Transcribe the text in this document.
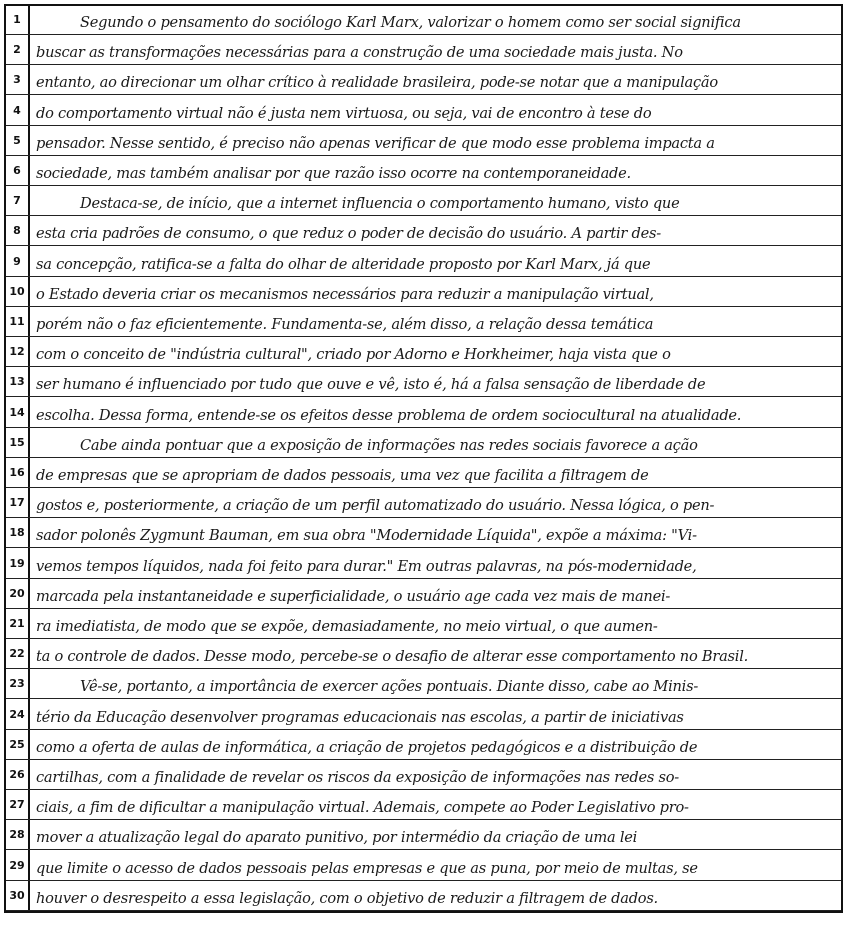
1	Segundo o pensamento do sociólogo Karl Marx, valorizar o homem como ser social significa
2	buscar as transformações necessárias para a construção de uma sociedade mais justa. No
3	entanto, ao direcionar um olhar crítico à realidade brasileira, pode-se notar que a manipulação
4	do comportamento virtual não é justa nem virtuosa, ou seja, vai de encontro à tese do
5	pensador. Nesse sentido, é preciso não apenas verificar de que modo esse problema impacta a
6	sociedade, mas também analisar por que razão isso ocorre na contemporaneidade.
7	Destaca-se, de início, que a internet influencia o comportamento humano, visto que
8	esta cria padrões de consumo, o que reduz o poder de decisão do usuário. A partir des-
9	sa concepção, ratifica-se a falta do olhar de alteridade proposto por Karl Marx, já que
10 o Estado deveria criar os mecanismos necessários para reduzir a manipulação virtual,
11 porém não o faz eficientemente. Fundamenta-se, além disso, a relação dessa temática
12 com o conceito de "indústria cultural", criado por Adorno e Horkheimer, haja vista que o
13 ser humano é influenciado por tudo que ouve e vê, isto é, há a falsa sensação de liberdade de
14 escolha. Dessa forma, entende-se os efeitos desse problema de ordem sociocultural na atualidade.
15	Cabe ainda pontuar que a exposição de informações nas redes sociais favorece a ação
16 de empresas que se apropriam de dados pessoais, uma vez que facilita a filtragem de
17 gostos e, posteriormente, a criação de um perfil automatizado do usuário. Nessa lógica, o pen-
18 sador polonês Zygmunt Bauman, em sua obra "Modernidade Líquida", expõe a máxima: "Vi-
19 vemos tempos líquidos, nada foi feito para durar." Em outras palavras, na pós-modernidade,
20 marcada pela instantaneidade e superficialidade, o usuário age cada vez mais de manei-
21 ra imediatista, de modo que se expõe, demasiadamente, no meio virtual, o que aumen-
22 ta o controle de dados. Desse modo, percebe-se o desafio de alterar esse comportamento no Brasil.
23	Vê-se, portanto, a importância de exercer ações pontuais. Diante disso, cabe ao Minis-
24 tério da Educação desenvolver programas educacionais nas escolas, a partir de iniciativas
25 como a oferta de aulas de informática, a criação de projetos pedagógicos e a distribuição de
26 cartilhas, com a finalidade de revelar os riscos da exposição de informações nas redes so-
27 ciais, a fim de dificultar a manipulação virtual. Ademais, compete ao Poder Legislativo pro-
28 mover a atualização legal do aparato punitivo, por intermédio da criação de uma lei
29 que limite o acesso de dados pessoais pelas empresas e que as puna, por meio de multas, se
30 houver o desrespeito a essa legislação, com o objetivo de reduzir a filtragem de dados.
